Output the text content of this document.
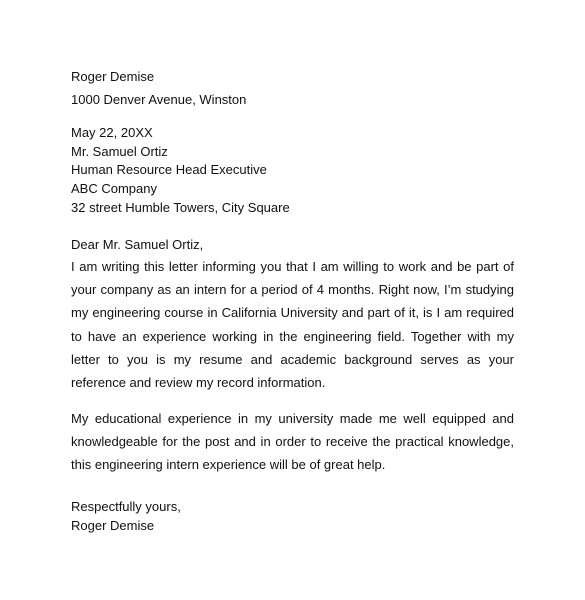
Roger Demise
1000 Denver Avenue, Winston
May 22, 20XX
Mr. Samuel Ortiz
Human Resource Head Executive
ABC Company
32 street Humble Towers, City Square
Dear Mr. Samuel Ortiz,
I am writing this letter informing you that I am willing to work and be part of your company as an intern for a period of 4 months. Right now, I’m studying my engineering course in California University and part of it, is I am required to have an experience working in the engineering field. Together with my letter to you is my resume and academic background serves as your reference and review my record information.
My educational experience in my university made me well equipped and knowledgeable for the post and in order to receive the practical knowledge, this engineering intern experience will be of great help.
Respectfully yours,
Roger Demise
